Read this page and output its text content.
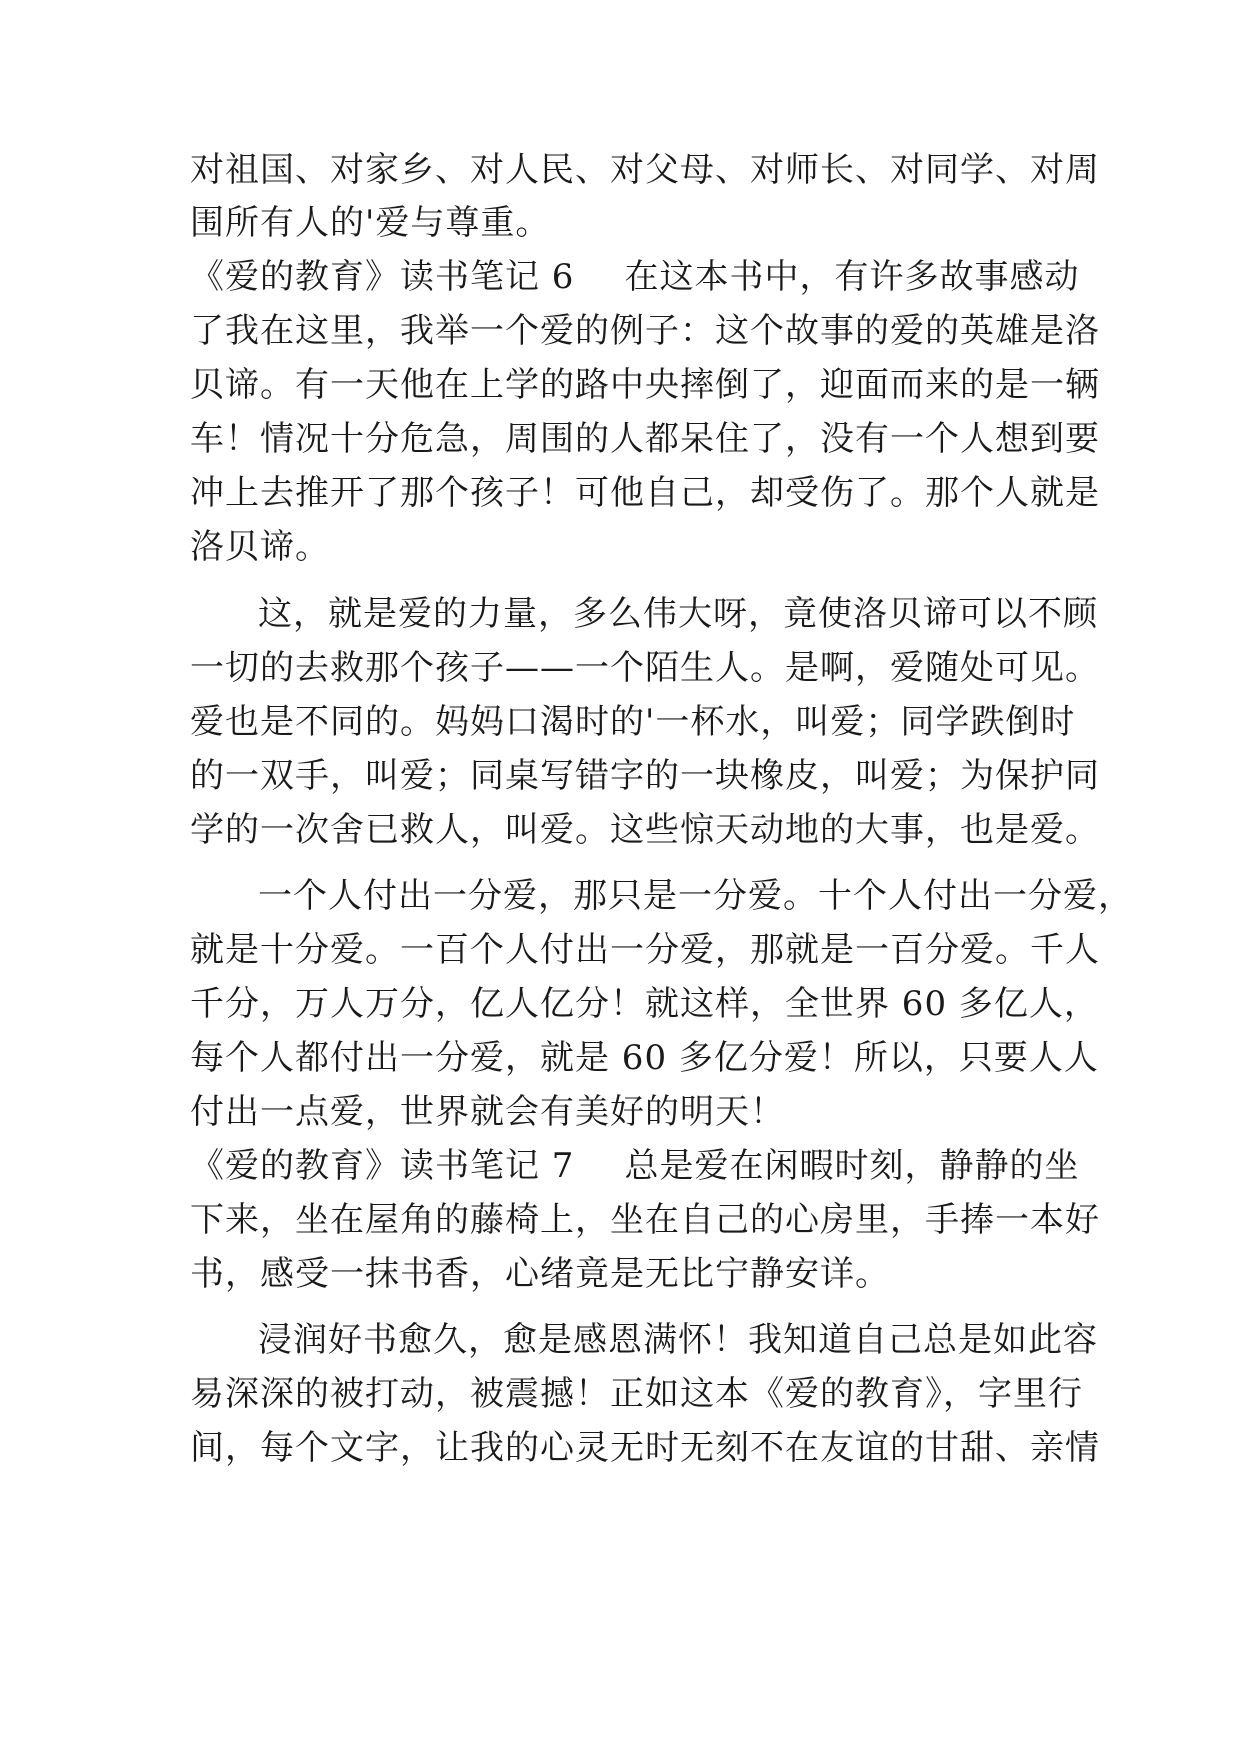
对祖国、对家乡、对人民、对父母、对师长、对同学、对周
围所有人的'爱与尊重。
《爱的教育》读书笔记 6 在这本书中，有许多故事感动
了我在这里，我举一个爱的例子：这个故事的爱的英雄是洛
贝谛。有一天他在上学的路中央摔倒了，迎面而来的是一辆
车！情况十分危急，周围的人都呆住了，没有一个人想到要
冲上去推开了那个孩子！可他自己，却受伤了。那个人就是
洛贝谛。
这，就是爱的力量，多么伟大呀，竟使洛贝谛可以不顾
一切的去救那个孩子——一个陌生人。是啊，爱随处可见。
爱也是不同的。妈妈口渴时的'一杯水，叫爱；同学跌倒时
的一双手，叫爱；同桌写错字的一块橡皮，叫爱；为保护同
学的一次舍已救人，叫爱。这些惊天动地的大事，也是爱。
一个人付出一分爱，那只是一分爱。十个人付出一分爱，
就是十分爱。一百个人付出一分爱，那就是一百分爱。千人
千分，万人万分，亿人亿分！就这样，全世界 60 多亿人，
每个人都付出一分爱，就是 60 多亿分爱！所以，只要人人
付出一点爱，世界就会有美好的明天！
《爱的教育》读书笔记 7 总是爱在闲暇时刻，静静的坐
下来，坐在屋角的藤椅上，坐在自己的心房里，手捧一本好
书，感受一抹书香，心绪竟是无比宁静安详。
浸润好书愈久，愈是感恩满怀！我知道自己总是如此容
易深深的被打动，被震撼！正如这本《爱的教育》，字里行
间，每个文字，让我的心灵无时无刻不在友谊的甘甜、亲情
